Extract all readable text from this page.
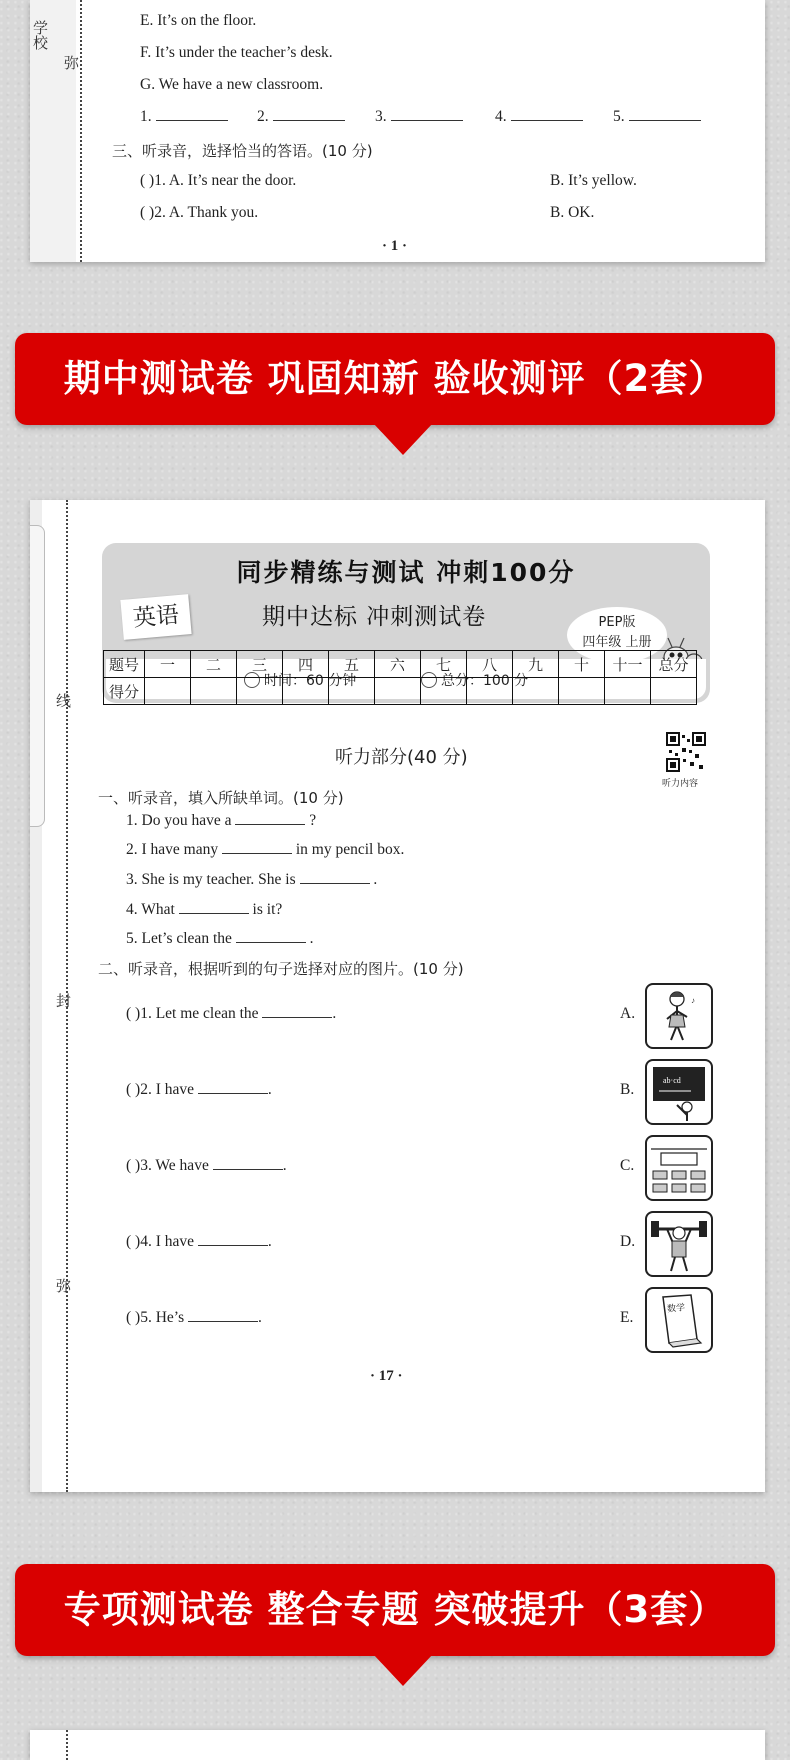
学校
弥
E. It’s on the floor.
F. It’s under the teacher’s desk.
G. We have a new classroom.
1.	2.	3.	4.	5.
三、听录音，选择恰当的答语。(10 分)
( )1. A. It’s near the door.	B. It’s yellow.
( )2. A. Thank you.	B. OK.
· 1 ·
期中测试卷 巩固知新 验收测评（2套）
线
封
弥
同步精练与测试 冲刺100分
英语	期中达标 冲刺测试卷	PEP版
四年级 上册
时间：60 分钟	总分：100 分
题号	一	二	三	四	五	六	七	八	九	十	十一	总分
得分												
听力部分(40 分)
听力内容
一、听录音，填入所缺单词。(10 分)
1. Do you have a	?
2. I have many	in my pencil box.
3. She is my teacher. She is	.
4. What	is it?
5. Let’s clean the	.
二、听录音，根据听到的句子选择对应的图片。(10 分)
( )1. Let me clean the	.	A.
( )2. I have	.	B.
( )3. We have	.	C.
( )4. I have	.	D.
( )5. He’s	.	E.
♪
ab·cd
数学
· 17 ·
专项测试卷 整合专题 突破提升（3套）
